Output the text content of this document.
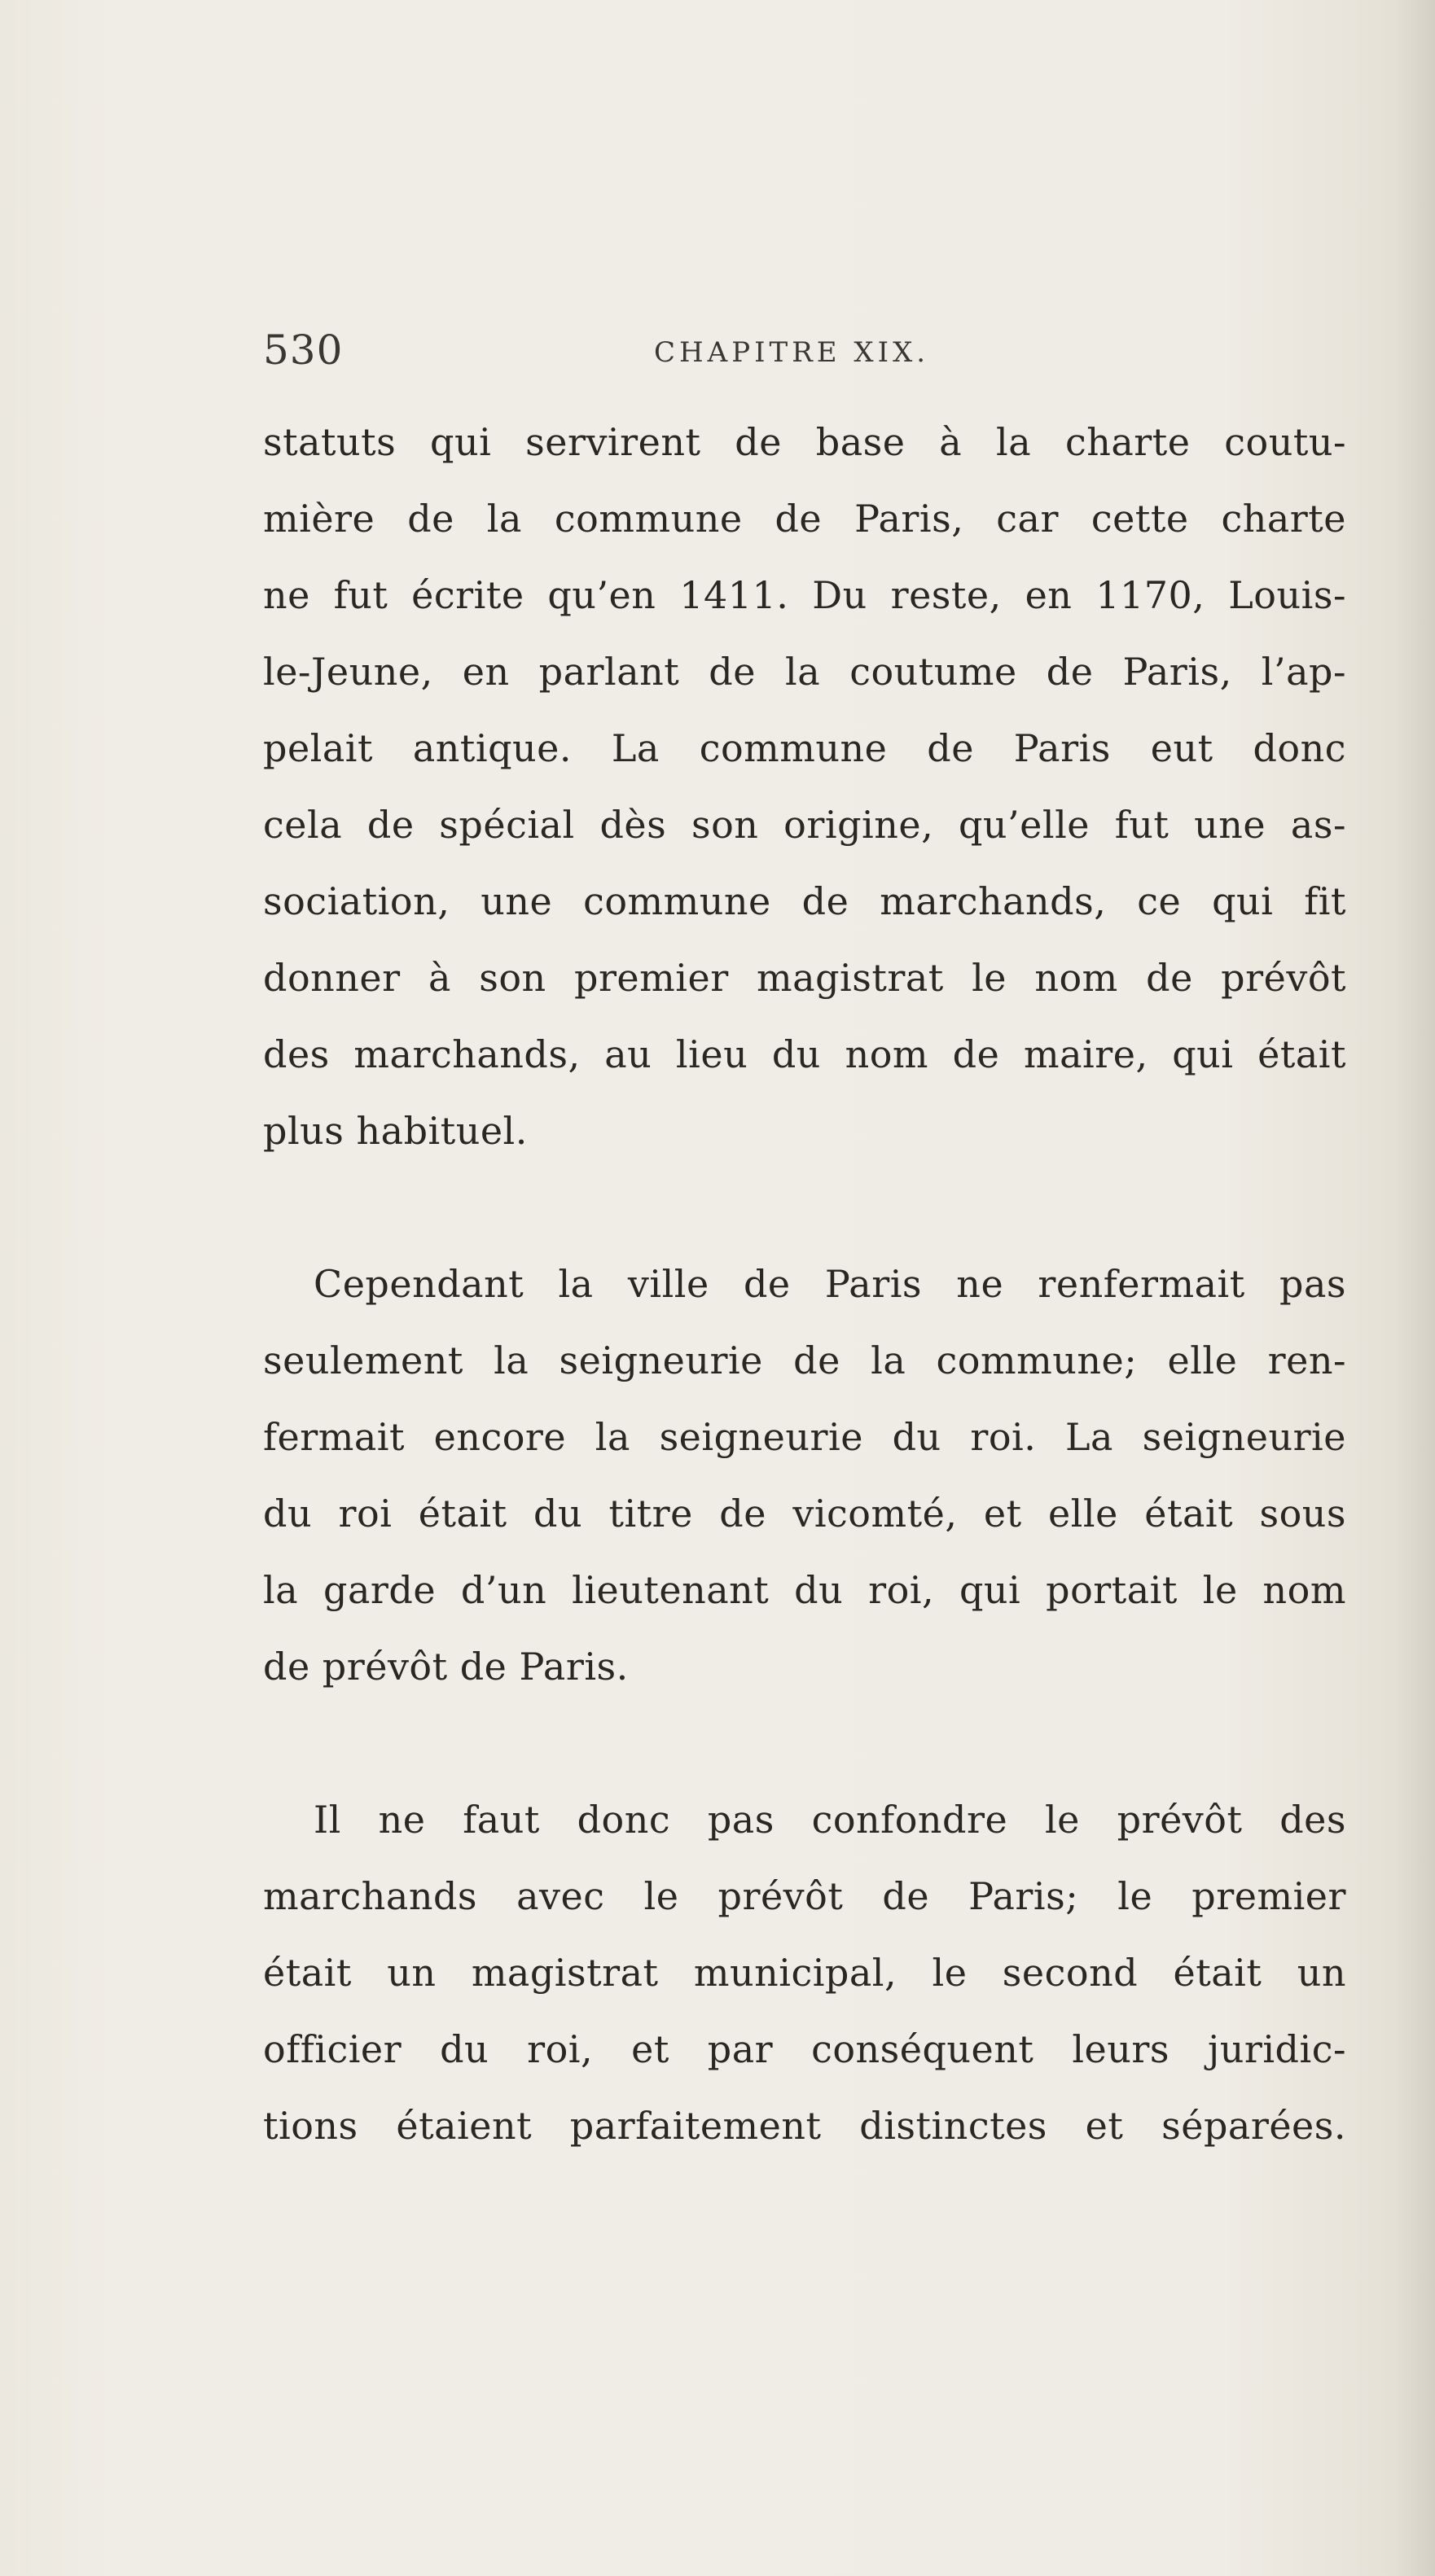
530	CHAPITRE XIX.
statuts qui servirent de base à la charte coutu-
mière de la commune de Paris, car cette charte
ne fut écrite qu’en 1411. Du reste, en 1170, Louis-
le-Jeune, en parlant de la coutume de Paris, l’ap-
pelait antique. La commune de Paris eut donc
cela de spécial dès son origine, qu’elle fut une as-
sociation, une commune de marchands, ce qui fit
donner à son premier magistrat le nom de prévôt
des marchands, au lieu du nom de maire, qui était
plus habituel.
Cependant la ville de Paris ne renfermait pas
seulement la seigneurie de la commune; elle ren-
fermait encore la seigneurie du roi. La seigneurie
du roi était du titre de vicomté, et elle était sous
la garde d’un lieutenant du roi, qui portait le nom
de prévôt de Paris.
Il ne faut donc pas confondre le prévôt des
marchands avec le prévôt de Paris; le premier
était un magistrat municipal, le second était un
officier du roi, et par conséquent leurs juridic-
tions étaient parfaitement distinctes et séparées.
